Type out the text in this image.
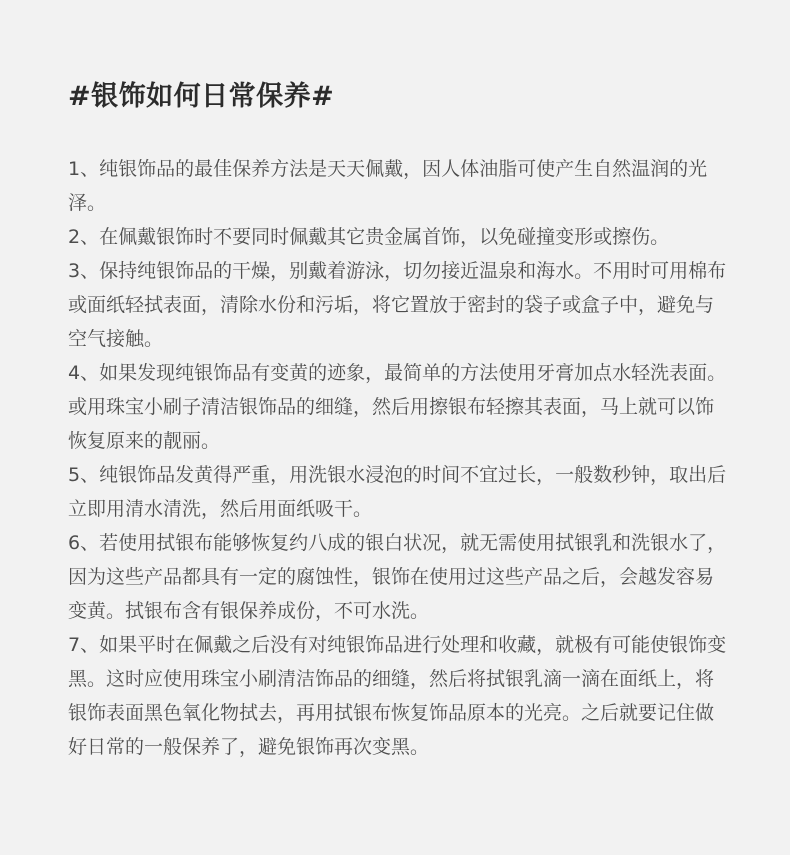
#银饰如何日常保养#

1、纯银饰品的最佳保养方法是天天佩戴，因人体油脂可使产生自然温润的光泽。

2、在佩戴银饰时不要同时佩戴其它贵金属首饰，以免碰撞变形或擦伤。

3、保持纯银饰品的干燥，别戴着游泳，切勿接近温泉和海水。不用时可用棉布或面纸轻拭表面，清除水份和污垢，将它置放于密封的袋子或盒子中，避免与空气接触。

4、如果发现纯银饰品有变黄的迹象，最简单的方法使用牙膏加点水轻洗表面。或用珠宝小刷子清洁银饰品的细缝，然后用擦银布轻擦其表面，马上就可以饰恢复原来的靓丽。

5、纯银饰品发黄得严重，用洗银水浸泡的时间不宜过长，一般数秒钟，取出后立即用清水清洗，然后用面纸吸干。

6、若使用拭银布能够恢复约八成的银白状况，就无需使用拭银乳和洗银水了，因为这些产品都具有一定的腐蚀性，银饰在使用过这些产品之后，会越发容易变黄。拭银布含有银保养成份，不可水洗。

7、如果平时在佩戴之后没有对纯银饰品进行处理和收藏，就极有可能使银饰变黑。这时应使用珠宝小刷清洁饰品的细缝，然后将拭银乳滴一滴在面纸上，将银饰表面黑色氧化物拭去，再用拭银布恢复饰品原本的光亮。之后就要记住做好日常的一般保养了，避免银饰再次变黑。
